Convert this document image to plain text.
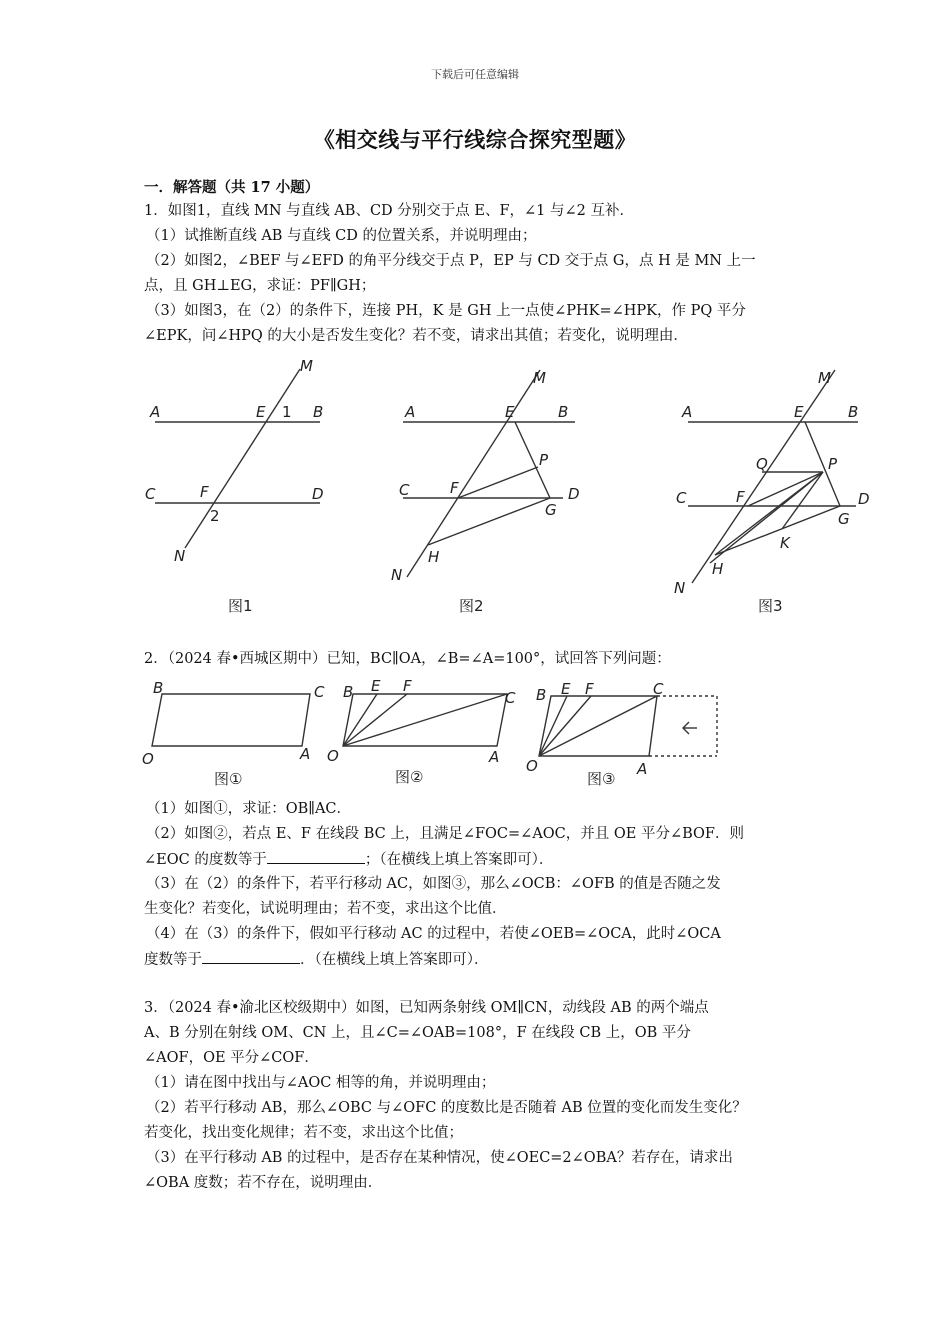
下载后可任意编辑
《相交线与平行线综合探究型题》
一．解答题（共 17 小题）
1．如图1，直线 MN 与直线 AB、CD 分别交于点 E、F，∠1 与∠2 互补．
（1）试推断直线 AB 与直线 CD 的位置关系，并说明理由；
（2）如图2，∠BEF 与∠EFD 的角平分线交于点 P，EP 与 CD 交于点 G，点 H 是 MN 上一
点，且 GH⊥EG，求证：PF∥GH；
（3）如图3，在（2）的条件下，连接 PH，K 是 GH 上一点使∠PHK=∠HPK，作 PQ 平分
∠EPK，问∠HPQ 的大小是否发生变化？若不变，请求出其值；若变化，说明理由．
M
A	E 1 B
C	F	D
2
N
图1
M
A	E	B
P
C	F	D
G
H
N
图2
M
A	E	B
Q	P
C	F	D
G
K
H
N
图3
2．（2024 春•西城区期中）已知，BC∥OA，∠B=∠A=100°，试回答下列问题：
B	C
O	A
图①
B E F
C
O	A
图②
B E F	C
O	A
图③
（1）如图①，求证：OB∥AC．
（2）如图②，若点 E、F 在线段 BC 上，且满足∠FOC=∠AOC，并且 OE 平分∠BOF．则
∠EOC 的度数等于	；（在横线上填上答案即可）．
（3）在（2）的条件下，若平行移动 AC，如图③，那么∠OCB：∠OFB 的值是否随之发
生变化？若变化，试说明理由；若不变，求出这个比值．
（4）在（3）的条件下，假如平行移动 AC 的过程中，若使∠OEB=∠OCA，此时∠OCA
度数等于	．（在横线上填上答案即可）．
3．（2024 春•渝北区校级期中）如图，已知两条射线 OM∥CN，动线段 AB 的两个端点
A、B 分别在射线 OM、CN 上，且∠C=∠OAB=108°，F 在线段 CB 上，OB 平分
∠AOF，OE 平分∠COF．
（1）请在图中找出与∠AOC 相等的角，并说明理由；
（2）若平行移动 AB，那么∠OBC 与∠OFC 的度数比是否随着 AB 位置的变化而发生变化？
若变化，找出变化规律；若不变，求出这个比值；
（3）在平行移动 AB 的过程中，是否存在某种情况，使∠OEC=2∠OBA？若存在，请求出
∠OBA 度数；若不存在，说明理由．
